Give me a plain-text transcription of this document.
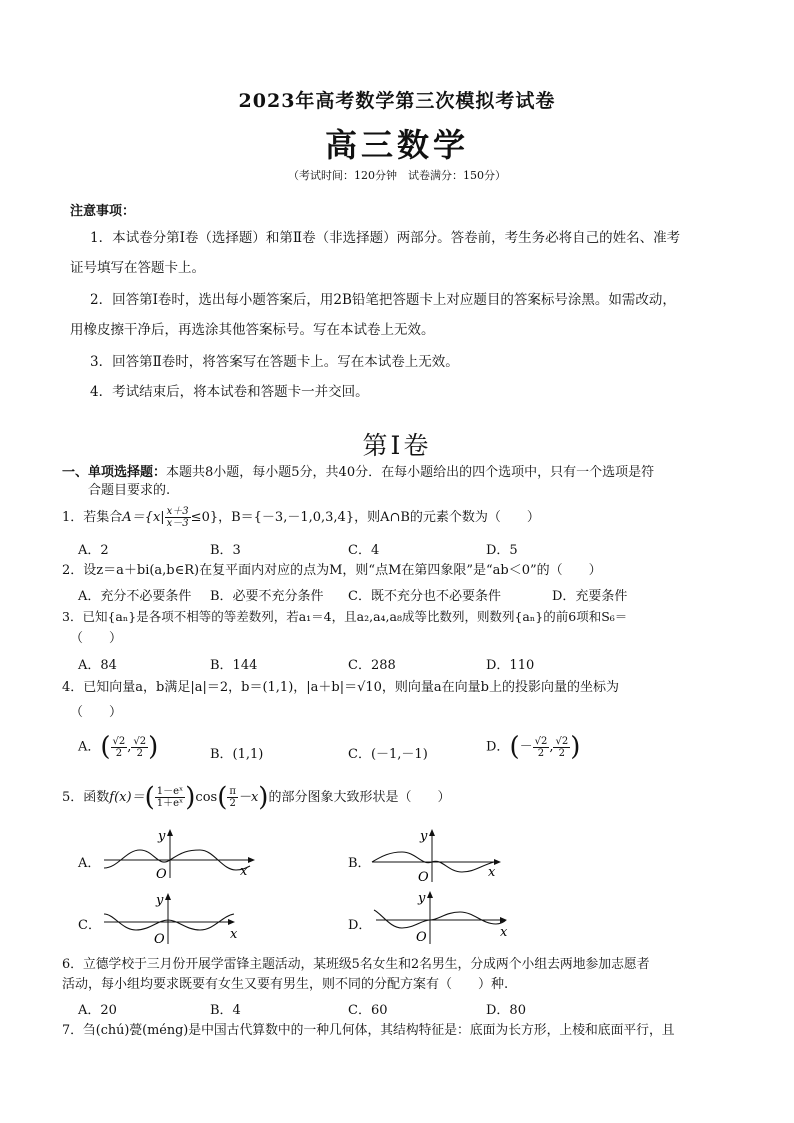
2023年高考数学第三次模拟考试卷
高三数学
（考试时间：120分钟　试卷满分：150分）
注意事项：
1．本试卷分第Ⅰ卷（选择题）和第Ⅱ卷（非选择题）两部分。答卷前，考生务必将自己的姓名、准考
证号填写在答题卡上。
2．回答第Ⅰ卷时，选出每小题答案后，用2B铅笔把答题卡上对应题目的答案标号涂黑。如需改动，
用橡皮擦干净后，再选涂其他答案标号。写在本试卷上无效。
3．回答第Ⅱ卷时，将答案写在答题卡上。写在本试卷上无效。
4．考试结束后，将本试卷和答题卡一并交回。
第Ⅰ卷
一、单项选择题：本题共8小题，每小题5分，共40分．在每小题给出的四个选项中，只有一个选项是符
合题目要求的.
1．若集合$A=\{x| \frac{x+3}{x-3} \le 0\}$，B＝{－3,－1,0,3,4}，则A∩B的元素个数为（　　）
A．2	B．3	C．4	D．5
2．设z＝a＋bi(a,b∈R)在复平面内对应的点为M，则“点M在第四象限”是“ab＜0”的（　　）
A．充分不必要条件 B．必要不充分条件 C．既不充分也不必要条件	D．充要条件
3．已知{aₙ}是各项不相等的等差数列，若a₁＝4，且a₂,a₄,a₈成等比数列，则数列{aₙ}的前6项和S₆＝
（　　）
A．84	B．144	C．288	D．110
4．已知向量a，b满足|a|＝2，b＝(1,1)，|a＋b|＝√10，则向量a在向量b上的投影向量的坐标为
（　　）
A．( $\frac{√2}{2}$ , $\frac{√2}{2}$ )	B．(1,1)	C．(－1,－1)	D．(－ $\frac{√2}{2}$ , $\frac{√2}{2}$ )
5．函数$f(x)=( \frac{\text{1－eˣ}}{\text{1＋eˣ}} )\cos( \frac{\pi}{2} -x)$的部分图象大致形状是（　　）
A．
x
y
O
B．
x
y
O
C．
x
y
O
D．	x
y
O
6．立德学校于三月份开展学雷锋主题活动，某班级5名女生和2名男生，分成两个小组去两地参加志愿者
活动，每小组均要求既要有女生又要有男生，则不同的分配方案有（　　）种.
A．20	B．4	C．60	D．80
7．刍(chú)甍(méng)是中国古代算数中的一种几何体，其结构特征是：底面为长方形，上棱和底面平行，且
